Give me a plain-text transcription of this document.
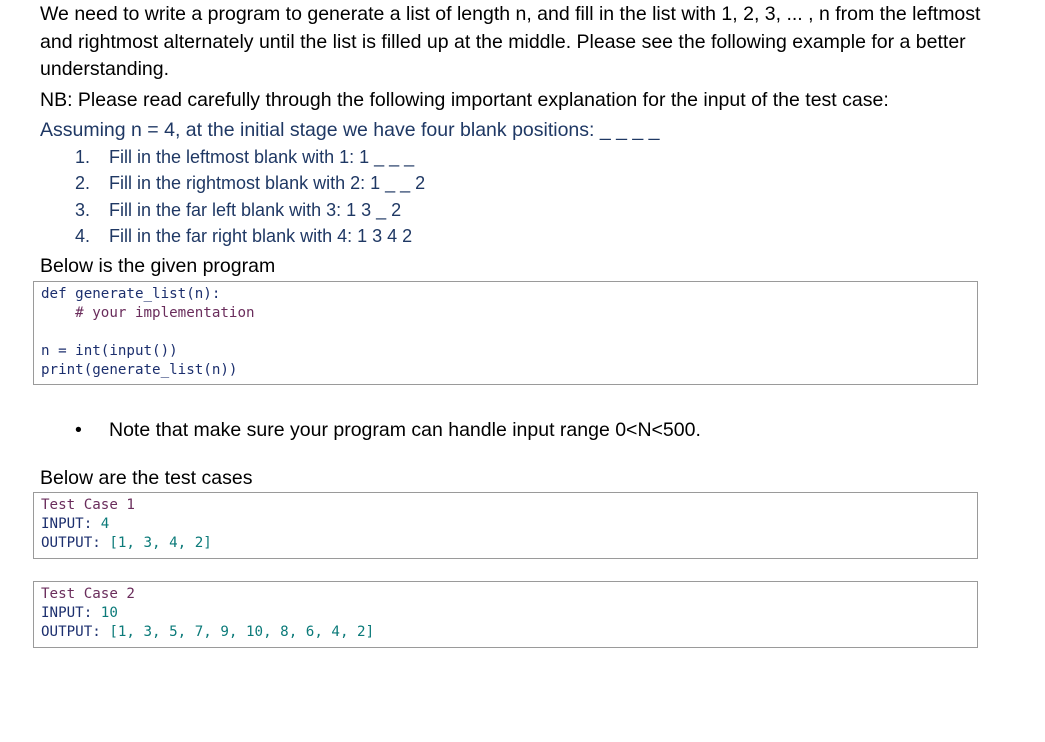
We need to write a program to generate a list of length n, and fill in the list with 1, 2, 3, ... , n from the leftmost and rightmost alternately until the list is filled up at the middle. Please see the following example for a better understanding.

NB: Please read carefully through the following important explanation for the input of the test case:

Assuming n = 4, at the initial stage we have four blank positions: _ _ _ _

1.	Fill in the leftmost blank with 1: 1 _ _ _
2.	Fill in the rightmost blank with 2: 1 _ _ 2
3.	Fill in the far left blank with 3: 1 3 _ 2
4.	Fill in the far right blank with 4: 1 3 4 2

Below is the given program

def generate_list(n):
# your implementation
n = int(input())
print(generate_list(n))
•	Note that make sure your program can handle input range 0<N<500.

Below are the test cases

Test Case 1
INPUT: 4
OUTPUT: [1, 3, 4, 2]
Test Case 2
INPUT: 10
OUTPUT: [1, 3, 5, 7, 9, 10, 8, 6, 4, 2]
